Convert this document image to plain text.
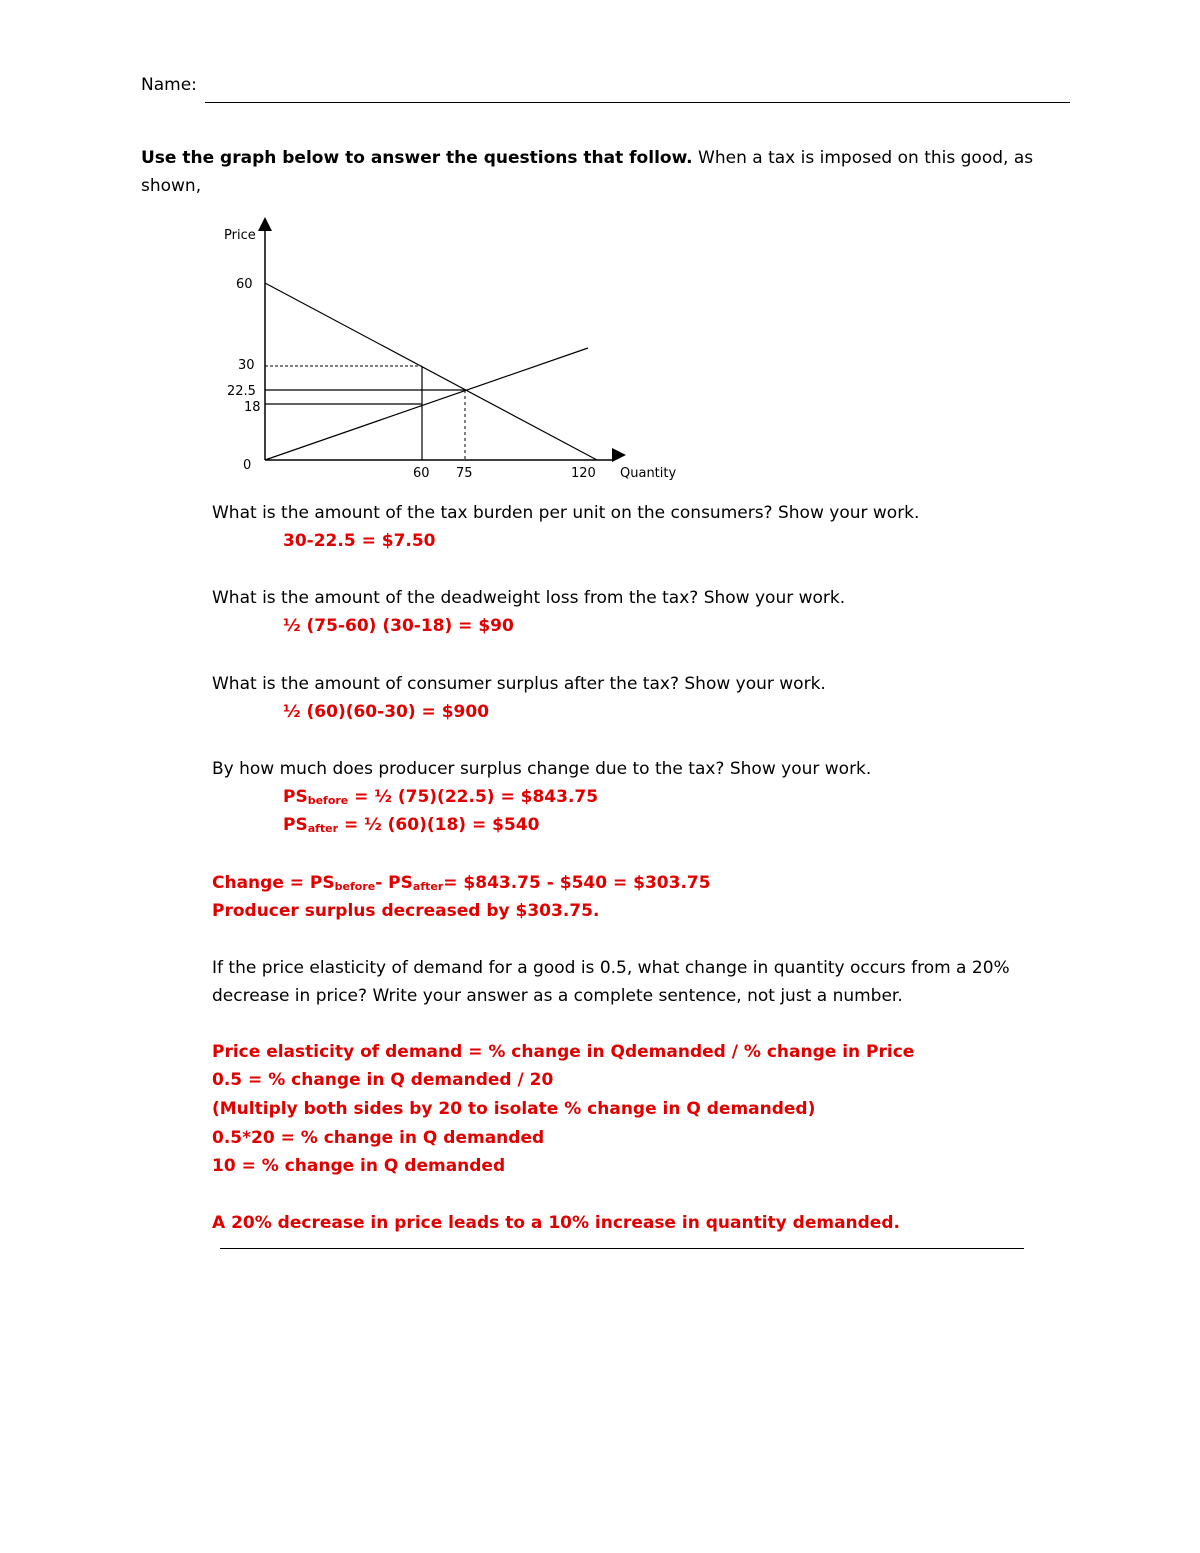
Name:
Use the graph below to answer the questions that follow. When a tax is imposed on this good, as shown,
Price
Quantity
60
30
22.5
18
0
60 75	120
What is the amount of the tax burden per unit on the consumers? Show your work.
30-22.5 = $7.50
What is the amount of the deadweight loss from the tax? Show your work.
½ (75-60) (30-18) = $90
What is the amount of consumer surplus after the tax? Show your work.
½ (60)(60-30) = $900
By how much does producer surplus change due to the tax? Show your work.
$PS_{before}$ = ½ (75)(22.5) = $843.75
$PS_{after}$ = ½ (60)(18) = $540
Change = $PS_{before}-$ $PS_{after}=$ $843.75 - $540 = $303.75
Producer surplus decreased by $303.75.
If the price elasticity of demand for a good is 0.5, what change in quantity occurs from a 20%
decrease in price? Write your answer as a complete sentence, not just a number.
Price elasticity of demand = % change in Qdemanded / % change in Price
0.5 = % change in Q demanded / 20
(Multiply both sides by 20 to isolate % change in Q demanded)
0.5*20 = % change in Q demanded
10 = % change in Q demanded
A 20% decrease in price leads to a 10% increase in quantity demanded.
